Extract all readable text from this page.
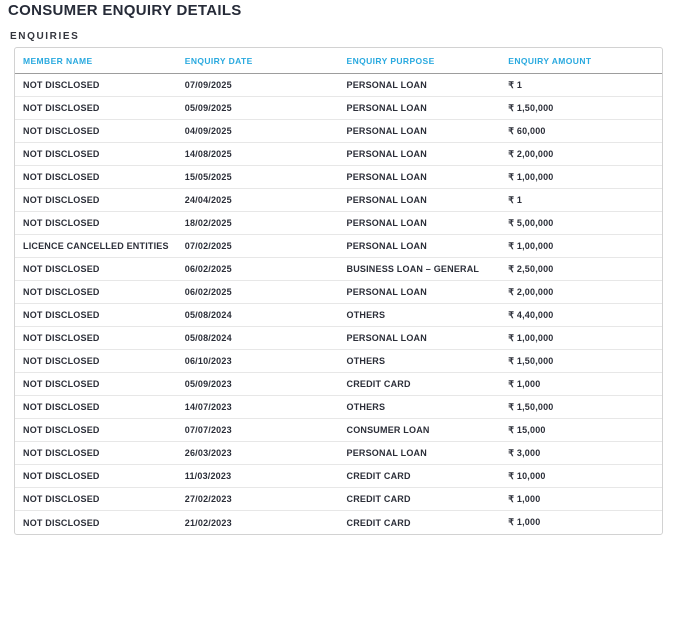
CONSUMER ENQUIRY DETAILS
ENQUIRIES
MEMBER NAME	ENQUIRY DATE	ENQUIRY PURPOSE	ENQUIRY AMOUNT
NOT DISCLOSED	07/09/2025	PERSONAL LOAN	₹ 1
NOT DISCLOSED	05/09/2025	PERSONAL LOAN	₹ 1,50,000
NOT DISCLOSED	04/09/2025	PERSONAL LOAN	₹ 60,000
NOT DISCLOSED	14/08/2025	PERSONAL LOAN	₹ 2,00,000
NOT DISCLOSED	15/05/2025	PERSONAL LOAN	₹ 1,00,000
NOT DISCLOSED	24/04/2025	PERSONAL LOAN	₹ 1
NOT DISCLOSED	18/02/2025	PERSONAL LOAN	₹ 5,00,000
LICENCE CANCELLED ENTITIES	07/02/2025	PERSONAL LOAN	₹ 1,00,000
NOT DISCLOSED	06/02/2025	BUSINESS LOAN – GENERAL	₹ 2,50,000
NOT DISCLOSED	06/02/2025	PERSONAL LOAN	₹ 2,00,000
NOT DISCLOSED	05/08/2024	OTHERS	₹ 4,40,000
NOT DISCLOSED	05/08/2024	PERSONAL LOAN	₹ 1,00,000
NOT DISCLOSED	06/10/2023	OTHERS	₹ 1,50,000
NOT DISCLOSED	05/09/2023	CREDIT CARD	₹ 1,000
NOT DISCLOSED	14/07/2023	OTHERS	₹ 1,50,000
NOT DISCLOSED	07/07/2023	CONSUMER LOAN	₹ 15,000
NOT DISCLOSED	26/03/2023	PERSONAL LOAN	₹ 3,000
NOT DISCLOSED	11/03/2023	CREDIT CARD	₹ 10,000
NOT DISCLOSED	27/02/2023	CREDIT CARD	₹ 1,000
NOT DISCLOSED	21/02/2023	CREDIT CARD	₹ 1,000
